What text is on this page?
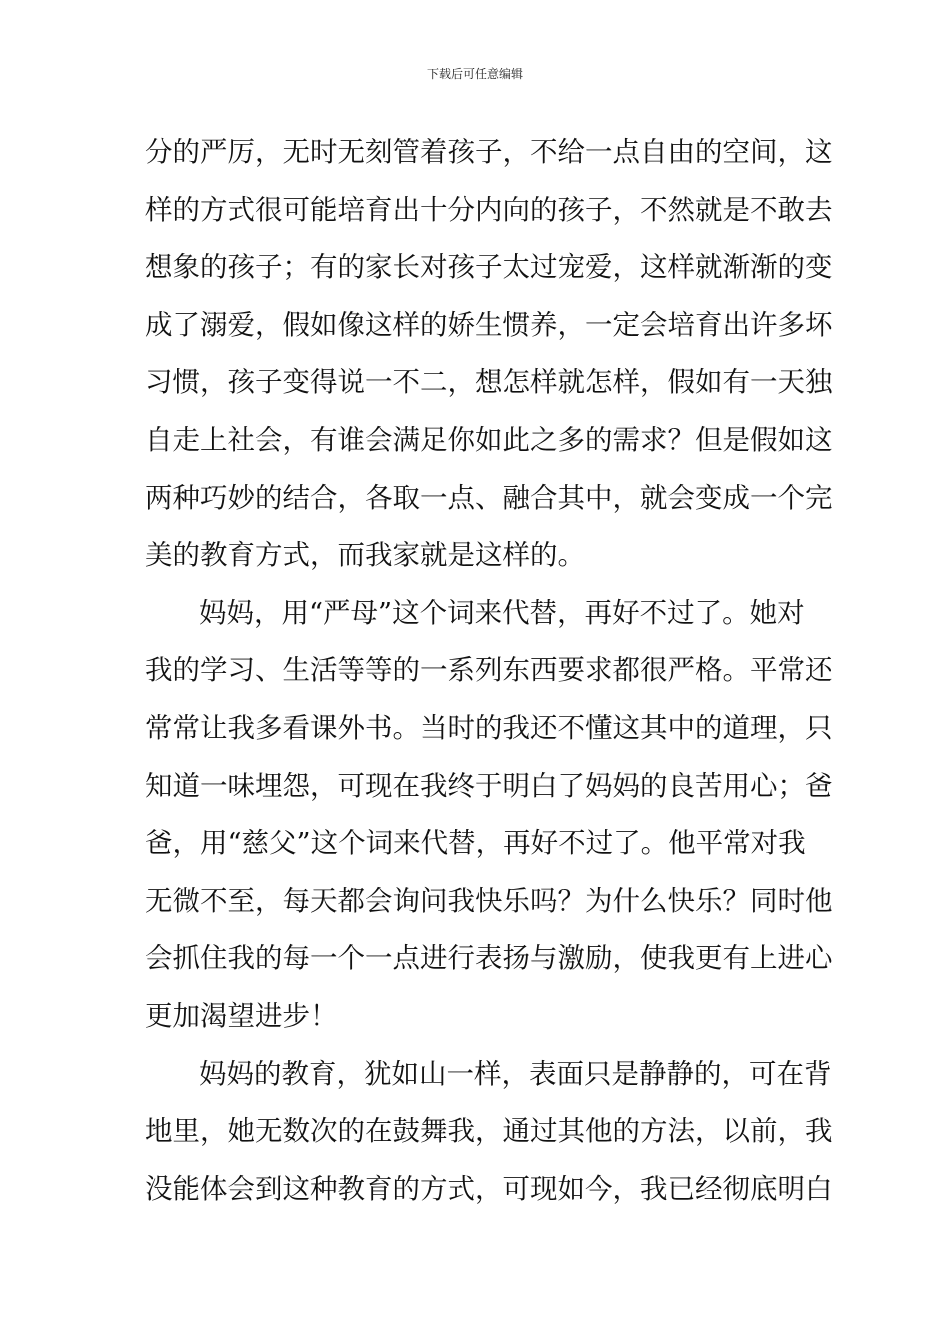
下载后可任意编辑
分的严厉，无时无刻管着孩子，不给一点自由的空间，这
样的方式很可能培育出十分内向的孩子，不然就是不敢去
想象的孩子；有的家长对孩子太过宠爱，这样就渐渐的变
成了溺爱，假如像这样的娇生惯养，一定会培育出许多坏
习惯，孩子变得说一不二，想怎样就怎样，假如有一天独
自走上社会，有谁会满足你如此之多的需求？但是假如这
两种巧妙的结合，各取一点、融合其中，就会变成一个完
美的教育方式，而我家就是这样的。
妈妈，用“严母”这个词来代替，再好不过了。她对
我的学习、生活等等的一系列东西要求都很严格。平常还
常常让我多看课外书。当时的我还不懂这其中的道理，只
知道一味埋怨，可现在我终于明白了妈妈的良苦用心；爸
爸，用“慈父”这个词来代替，再好不过了。他平常对我
无微不至，每天都会询问我快乐吗？为什么快乐？同时他
会抓住我的每一个一点进行表扬与激励，使我更有上进心
更加渴望进步！
妈妈的教育，犹如山一样，表面只是静静的，可在背
地里，她无数次的在鼓舞我，通过其他的方法，以前，我
没能体会到这种教育的方式，可现如今，我已经彻底明白
